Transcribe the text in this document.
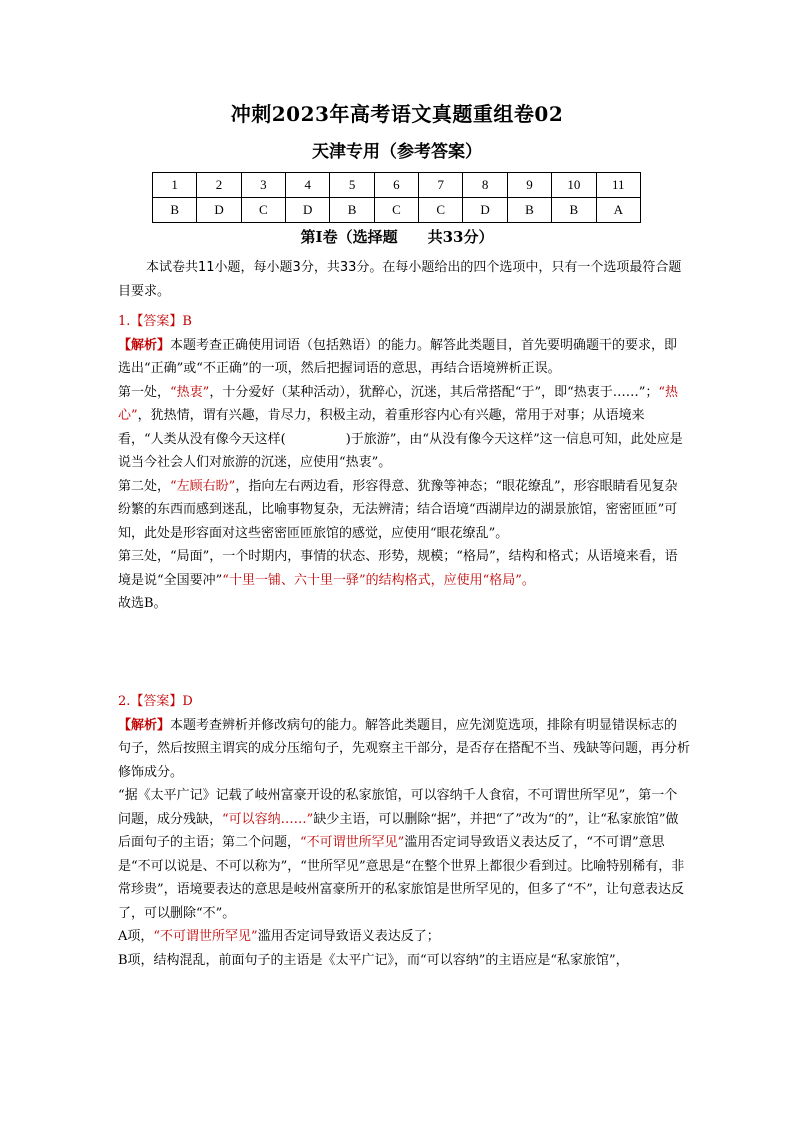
冲刺2023年高考语文真题重组卷02
天津专用（参考答案）
1	2	3	4	5	6	7	8	9	10	11
B	D	C	D	B	C	C	D	B	B	A
第I卷（选择题 共33分）
本试卷共11小题，每小题3分，共33分。在每小题给出的四个选项中，只有一个选项最符合题目要求。

1.【答案】B

【解析】本题考查正确使用词语（包括熟语）的能力。解答此类题目，首先要明确题干的要求，即选出“正确”或“不正确”的一项，然后把握词语的意思，再结合语境辨析正误。

第一处，“热衷”，十分爱好（某种活动），犹醉心，沉迷，其后常搭配“于”，即“热衷于……”；“热心”，犹热情，谓有兴趣，肯尽力，积极主动，着重形容内心有兴趣，常用于对事；从语境来看，“人类从没有像今天这样(	)于旅游”，由“从没有像今天这样”这一信息可知，此处应是说当今社会人们对旅游的沉迷，应使用“热衷”。

第二处，“左顾右盼”，指向左右两边看，形容得意、犹豫等神态；“眼花缭乱”，形容眼睛看见复杂纷繁的东西而感到迷乱，比喻事物复杂，无法辨清；结合语境“西湖岸边的湖景旅馆，密密匝匝”可知，此处是形容面对这些密密匝匝旅馆的感觉，应使用“眼花缭乱”。

第三处，“局面”，一个时期内，事情的状态、形势，规模；“格局”，结构和格式；从语境来看，语境是说“全国要冲”“十里一铺、六十里一驿”的结构格式，应使用“格局”。

故选B。

2.【答案】D

【解析】本题考查辨析并修改病句的能力。解答此类题目，应先浏览选项，排除有明显错误标志的句子，然后按照主谓宾的成分压缩句子，先观察主干部分，是否存在搭配不当、残缺等问题，再分析修饰成分。

“据《太平广记》记载了岐州富豪开设的私家旅馆，可以容纳千人食宿，不可谓世所罕见”，第一个问题，成分残缺，“可以容纳……”缺少主语，可以删除“据”，并把“了”改为“的”，让“私家旅馆”做后面句子的主语；第二个问题，“不可谓世所罕见”滥用否定词导致语义表达反了，“不可谓”意思是“不可以说是、不可以称为”，“世所罕见”意思是“在整个世界上都很少看到过。比喻特别稀有，非常珍贵”，语境要表达的意思是岐州富豪所开的私家旅馆是世所罕见的，但多了“不”，让句意表达反了，可以删除“不”。

A项，“不可谓世所罕见”滥用否定词导致语义表达反了；

B项，结构混乱，前面句子的主语是《太平广记》，而“可以容纳”的主语应是“私家旅馆”，
